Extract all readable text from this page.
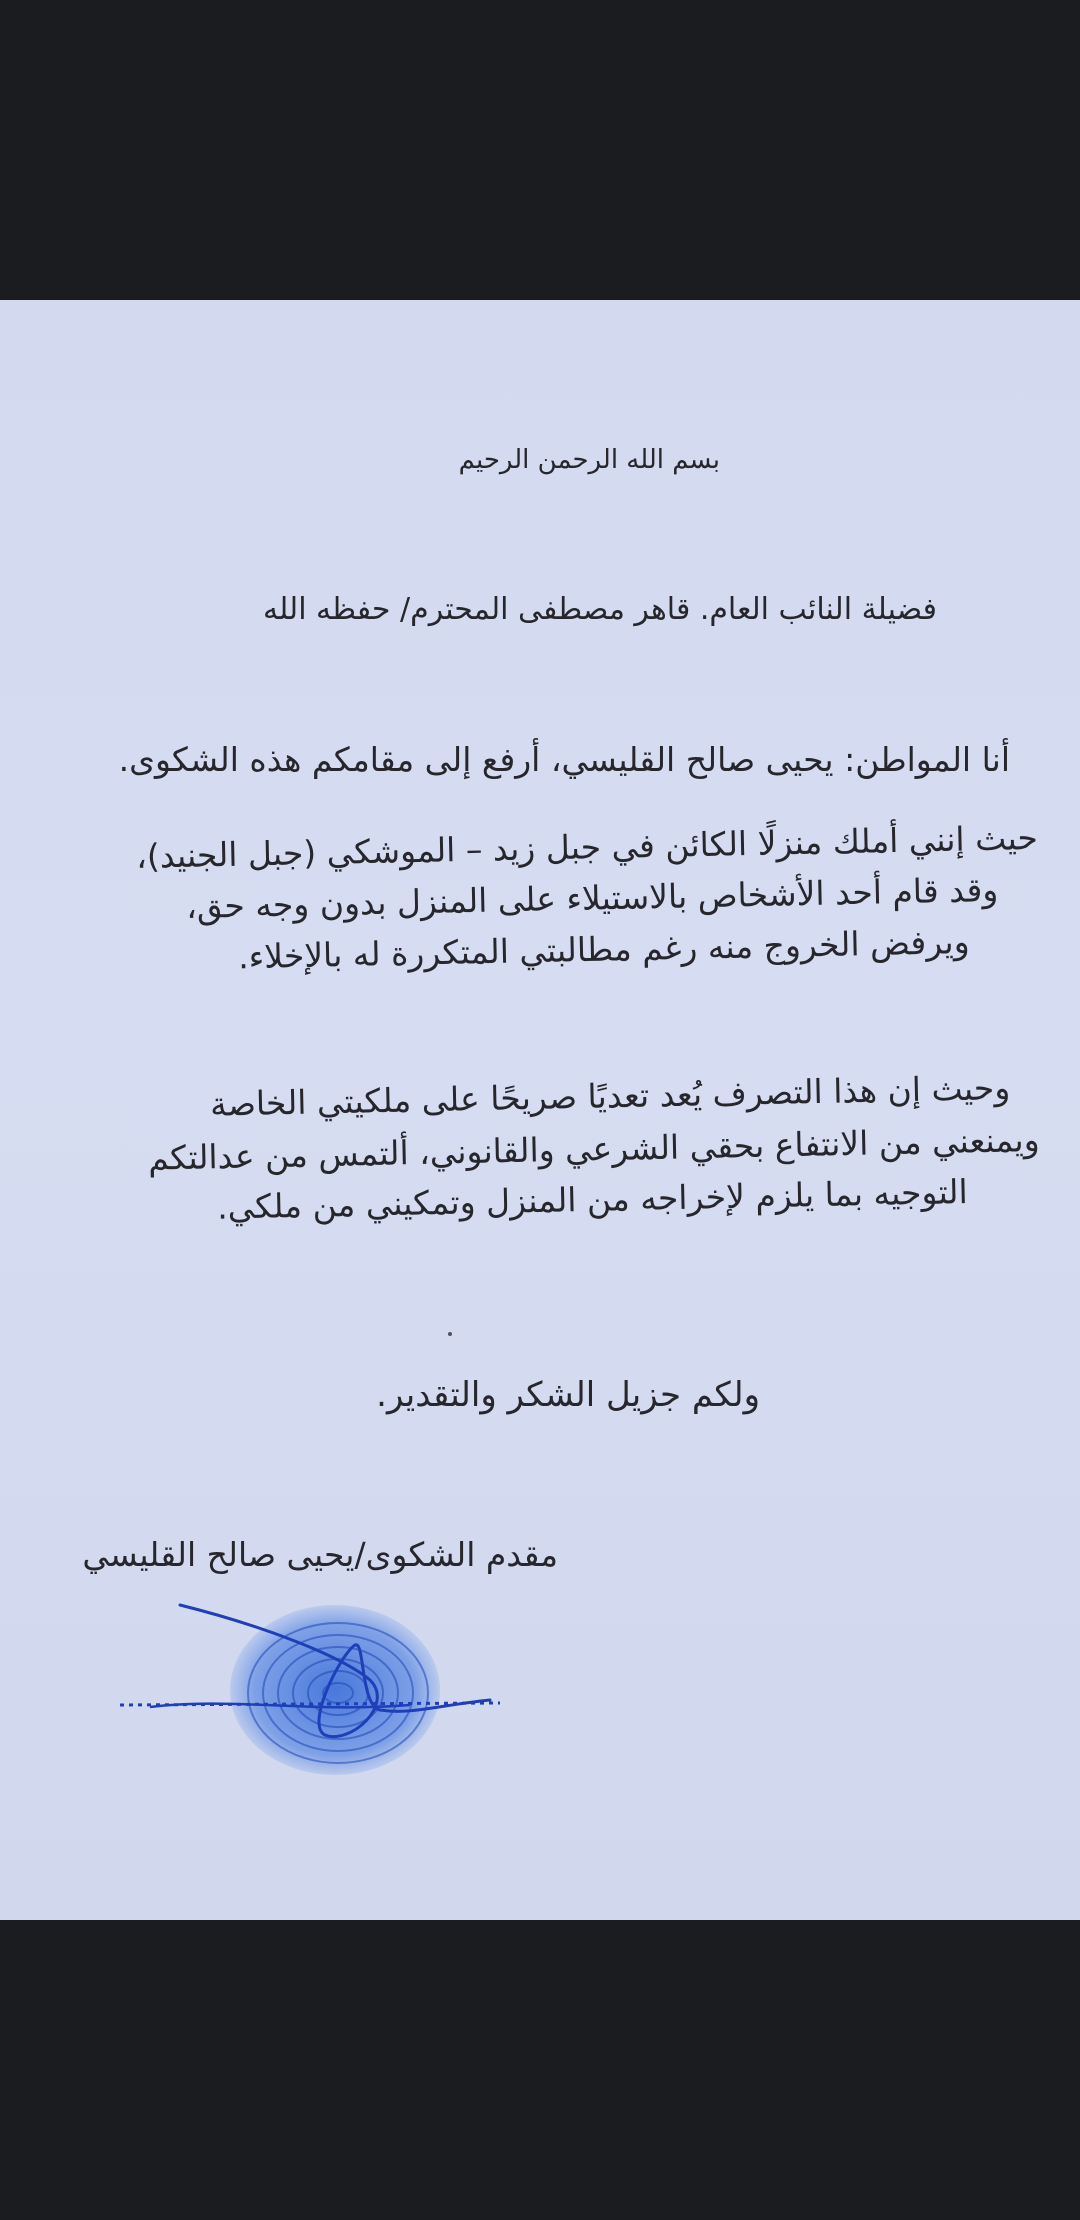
بسم الله الرحمن الرحيم
فضيلة النائب العام. قاهر مصطفى المحترم/ حفظه الله
أنا المواطن: يحيى صالح القليسي، أرفع إلى مقامكم هذه الشكوى.
حيث إنني أملك منزلًا الكائن في جبل زيد – الموشكي (جبل الجنيد)،
وقد قام أحد الأشخاص بالاستيلاء على المنزل بدون وجه حق،
ويرفض الخروج منه رغم مطالبتي المتكررة له بالإخلاء.
وحيث إن هذا التصرف يُعد تعديًا صريحًا على ملكيتي الخاصة
ويمنعني من الانتفاع بحقي الشرعي والقانوني، ألتمس من عدالتكم
التوجيه بما يلزم لإخراجه من المنزل وتمكيني من ملكي.
ولكم جزيل الشكر والتقدير.
مقدم الشكوى/يحيى صالح القليسي
